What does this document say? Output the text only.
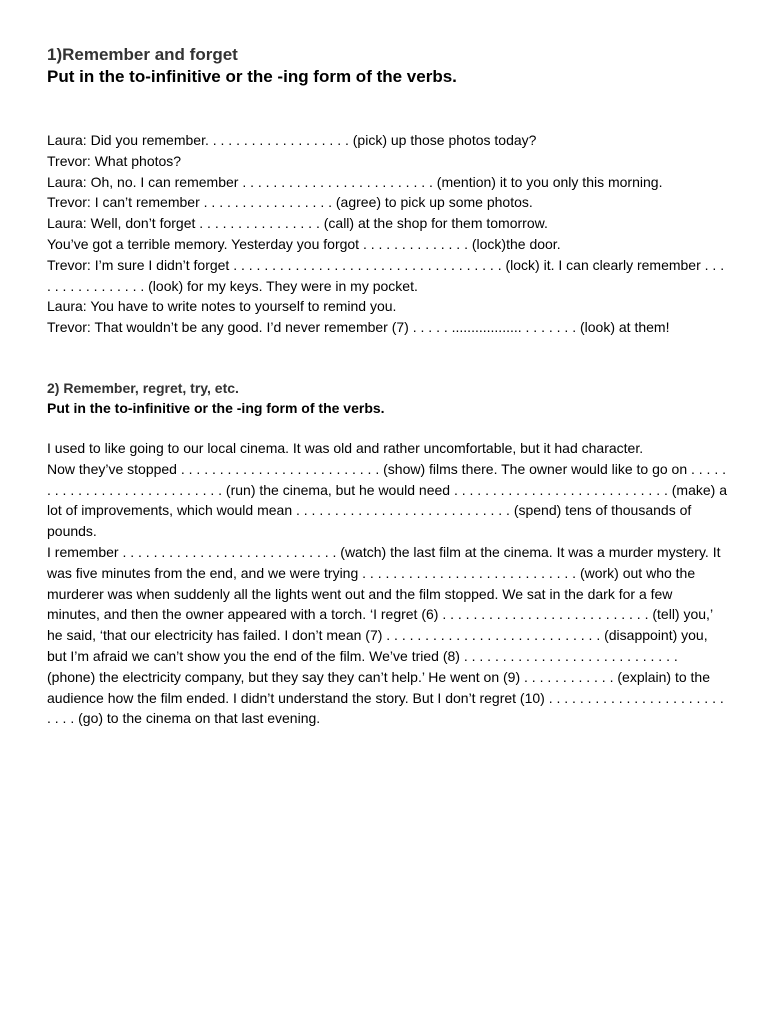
1)Remember and forget
Put in the to-infinitive or the -ing form of the verbs.

Laura: Did you remember. . . . . . . . . . . . . . . . . . . (pick) up those photos today?

Trevor: What photos?

Laura: Oh, no. I can remember . . . . . . . . . . . . . . . . . . . . . . . . . (mention) it to you only this morning.

Trevor: I can’t remember . . . . . . . . . . . . . . . . . (agree) to pick up some photos.

Laura: Well, don’t forget . . . . . . . . . . . . . . . . (call) at the shop for them tomorrow.

You’ve got a terrible memory. Yesterday you forgot . . . . . . . . . . . . . . (lock)the door.

Trevor: I’m sure I didn’t forget . . . . . . . . . . . . . . . . . . . . . . . . . . . . . . . . . . . (lock) it. I can clearly remember . . . . . . . . . . . . . . . . (look) for my keys. They were in my pocket.

Laura: You have to write notes to yourself to remind you.

Trevor: That wouldn’t be any good. I’d never remember (7) . . . . . .................. . . . . . . . (look) at them!

2) Remember, regret, try, etc.
Put in the to-infinitive or the -ing form of the verbs.

I used to like going to our local cinema. It was old and rather uncomfortable, but it had character.

Now they’ve stopped . . . . . . . . . . . . . . . . . . . . . . . . . . (show) films there. The owner would like to go on . . . . . . . . . . . . . . . . . . . . . . . . . . . . (run) the cinema, but he would need . . . . . . . . . . . . . . . . . . . . . . . . . . . . (make) a lot of improvements, which would mean . . . . . . . . . . . . . . . . . . . . . . . . . . . . (spend) tens of thousands of pounds.

I remember . . . . . . . . . . . . . . . . . . . . . . . . . . . . (watch) the last film at the cinema. It was a murder mystery. It was five minutes from the end, and we were trying . . . . . . . . . . . . . . . . . . . . . . . . . . . . (work) out who the murderer was when suddenly all the lights went out and the film stopped. We sat in the dark for a few minutes, and then the owner appeared with a torch. ‘I regret (6) . . . . . . . . . . . . . . . . . . . . . . . . . . . (tell) you,’ he said, ‘that our electricity has failed. I don’t mean (7) . . . . . . . . . . . . . . . . . . . . . . . . . . . . (disappoint) you, but I’m afraid we can’t show you the end of the film. We’ve tried (8) . . . . . . . . . . . . . . . . . . . . . . . . . . . . (phone) the electricity company, but they say they can’t help.’ He went on (9) . . . . . . . . . . . . (explain) to the audience how the film ended. I didn’t understand the story. But I don’t regret (10) . . . . . . . . . . . . . . . . . . . . . . . . . . . (go) to the cinema on that last evening.
